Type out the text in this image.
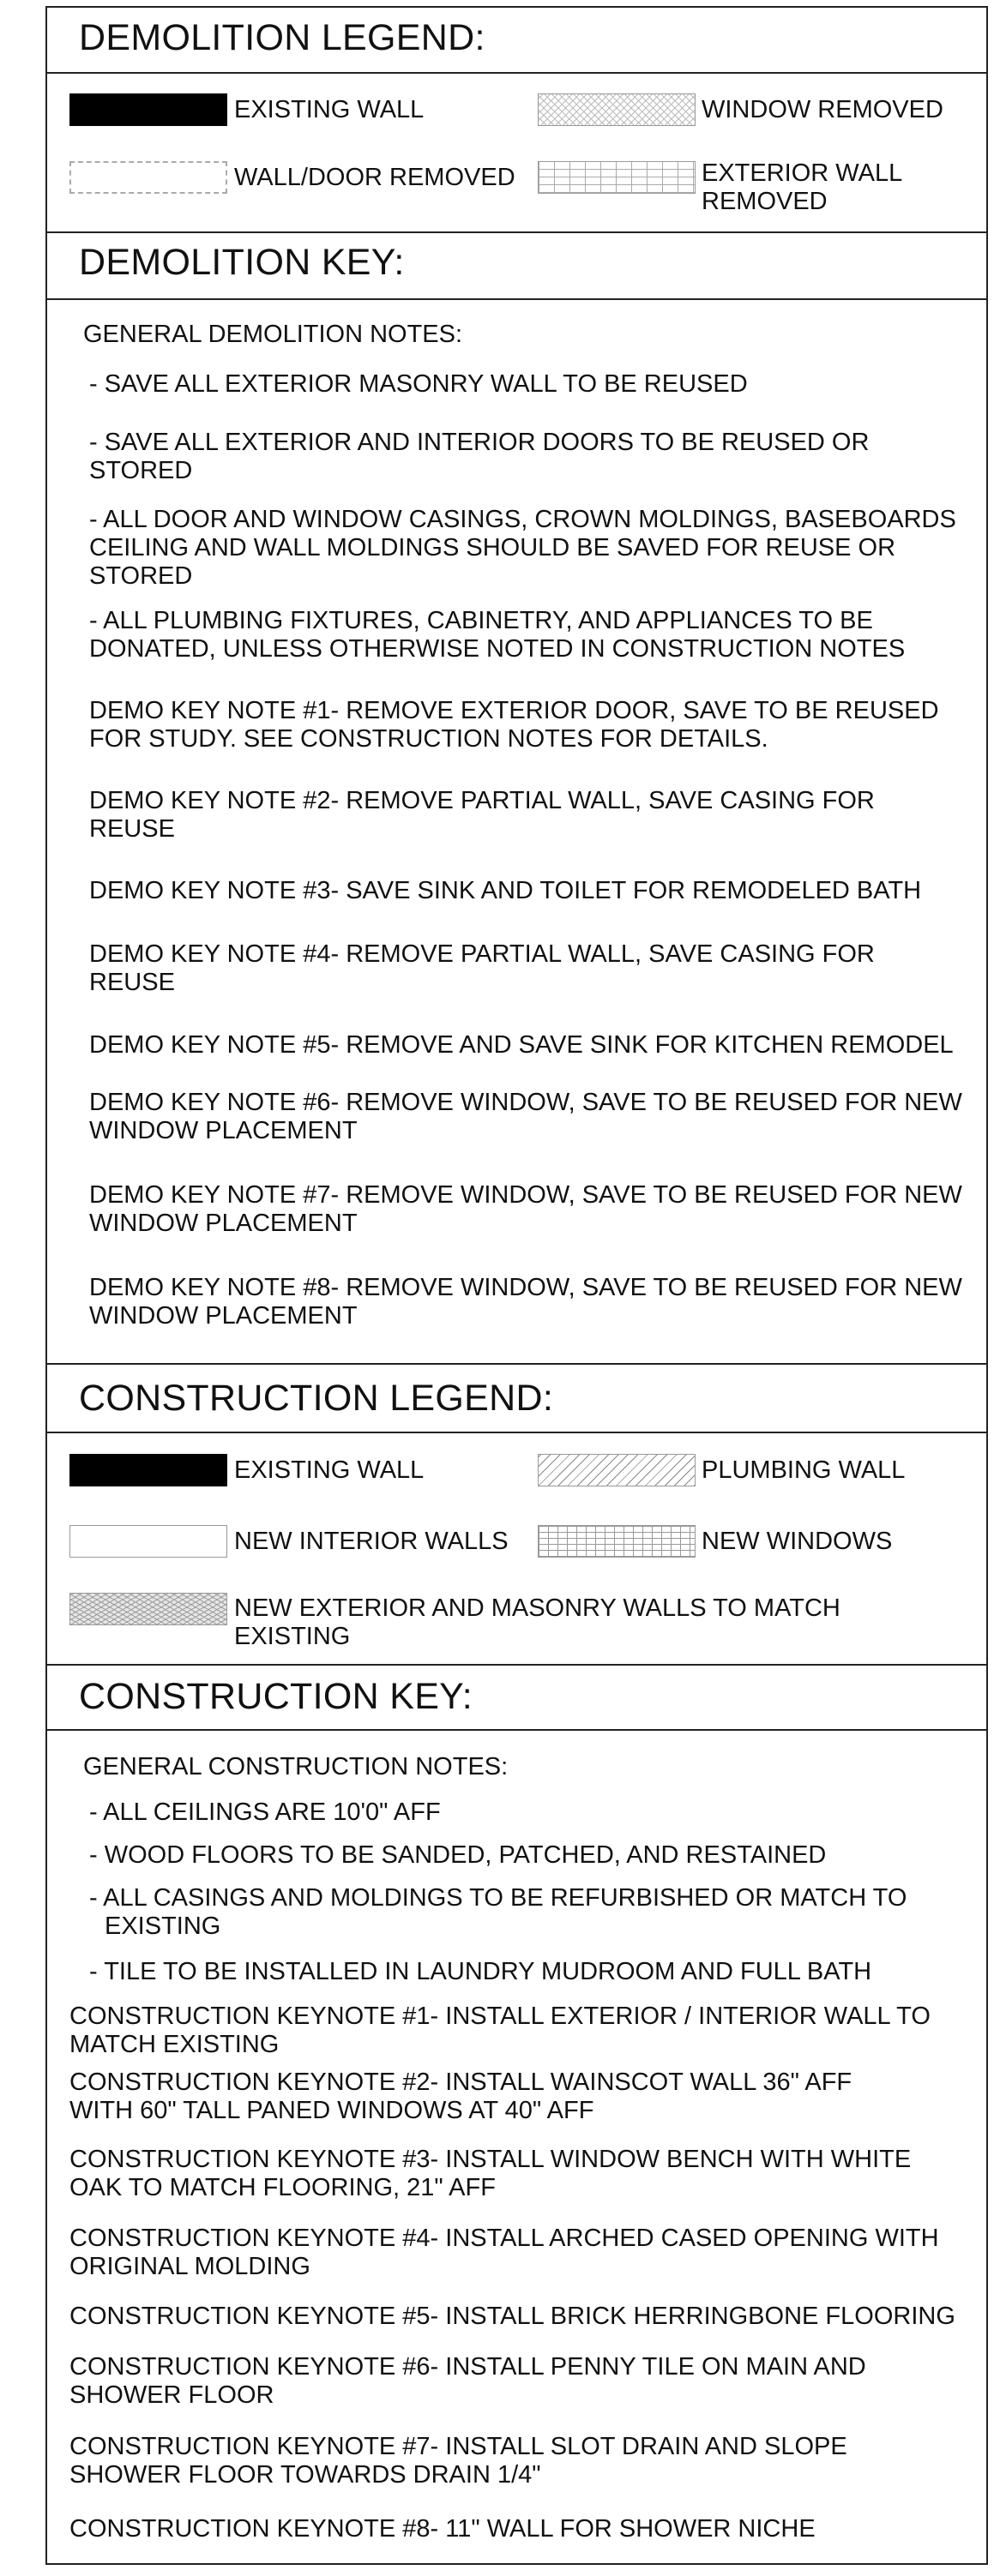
DEMOLITION LEGEND:
EXISTING WALL	WINDOW REMOVED
WALL/DOOR REMOVED	EXTERIOR WALL REMOVED
DEMOLITION KEY:
GENERAL DEMOLITION NOTES:
- SAVE ALL EXTERIOR MASONRY WALL TO BE REUSED
- SAVE ALL EXTERIOR AND INTERIOR DOORS TO BE REUSED OR STORED
- ALL DOOR AND WINDOW CASINGS, CROWN MOLDINGS, BASEBOARDS CEILING AND WALL MOLDINGS SHOULD BE SAVED FOR REUSE OR STORED
- ALL PLUMBING FIXTURES, CABINETRY, AND APPLIANCES TO BE DONATED, UNLESS OTHERWISE NOTED IN CONSTRUCTION NOTES
DEMO KEY NOTE #1- REMOVE EXTERIOR DOOR, SAVE TO BE REUSED FOR STUDY. SEE CONSTRUCTION NOTES FOR DETAILS.
DEMO KEY NOTE #2- REMOVE PARTIAL WALL, SAVE CASING FOR REUSE
DEMO KEY NOTE #3- SAVE SINK AND TOILET FOR REMODELED BATH
DEMO KEY NOTE #4- REMOVE PARTIAL WALL, SAVE CASING FOR REUSE
DEMO KEY NOTE #5- REMOVE AND SAVE SINK FOR KITCHEN REMODEL
DEMO KEY NOTE #6- REMOVE WINDOW, SAVE TO BE REUSED FOR NEW WINDOW PLACEMENT
DEMO KEY NOTE #7- REMOVE WINDOW, SAVE TO BE REUSED FOR NEW WINDOW PLACEMENT
DEMO KEY NOTE #8- REMOVE WINDOW, SAVE TO BE REUSED FOR NEW WINDOW PLACEMENT
CONSTRUCTION LEGEND:
EXISTING WALL	PLUMBING WALL
NEW INTERIOR WALLS	NEW WINDOWS
NEW EXTERIOR AND MASONRY WALLS TO MATCH EXISTING
CONSTRUCTION KEY:
GENERAL CONSTRUCTION NOTES:
- ALL CEILINGS ARE 10'0" AFF
- WOOD FLOORS TO BE SANDED, PATCHED, AND RESTAINED
- ALL CASINGS AND MOLDINGS TO BE REFURBISHED OR MATCH TO EXISTING
- TILE TO BE INSTALLED IN LAUNDRY MUDROOM AND FULL BATH
CONSTRUCTION KEYNOTE #1- INSTALL EXTERIOR / INTERIOR WALL TO MATCH EXISTING
CONSTRUCTION KEYNOTE #2- INSTALL WAINSCOT WALL 36" AFF WITH 60" TALL PANED WINDOWS AT 40" AFF
CONSTRUCTION KEYNOTE #3- INSTALL WINDOW BENCH WITH WHITE OAK TO MATCH FLOORING, 21" AFF
CONSTRUCTION KEYNOTE #4- INSTALL ARCHED CASED OPENING WITH ORIGINAL MOLDING
CONSTRUCTION KEYNOTE #5- INSTALL BRICK HERRINGBONE FLOORING
CONSTRUCTION KEYNOTE #6- INSTALL PENNY TILE ON MAIN AND SHOWER FLOOR
CONSTRUCTION KEYNOTE #7- INSTALL SLOT DRAIN AND SLOPE SHOWER FLOOR TOWARDS DRAIN 1/4"
CONSTRUCTION KEYNOTE #8- 11" WALL FOR SHOWER NICHE
